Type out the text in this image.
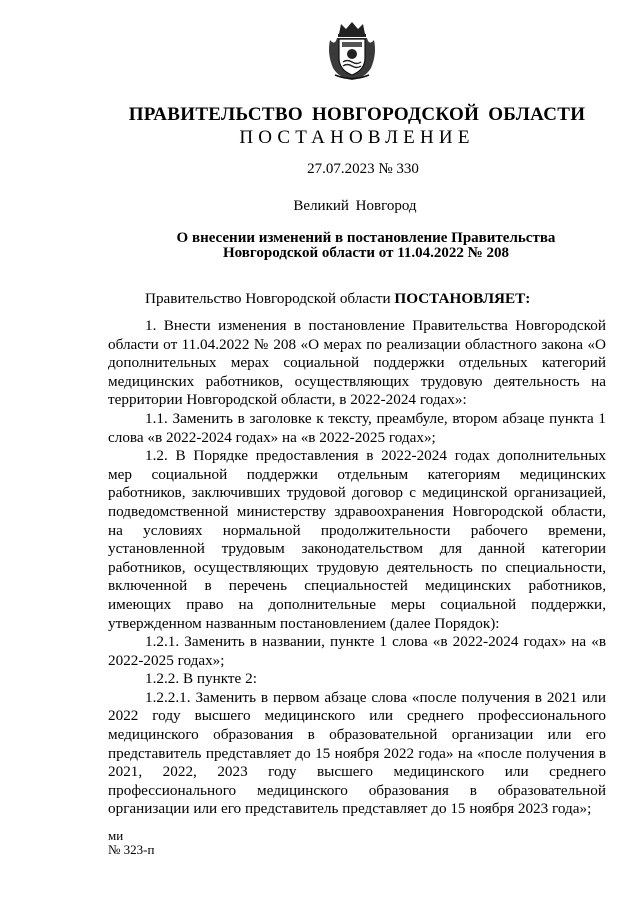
ПРАВИТЕЛЬСТВО НОВГОРОДСКОЙ ОБЛАСТИ
ПОСТАНОВЛЕНИЕ
27.07.2023 № 330
Великий Новгород
О внесении изменений в постановление Правительства
Новгородской области от 11.04.2022 № 208
Правительство Новгородской области ПОСТАНОВЛЯЕТ:

1. Внести изменения в постановление Правительства Новгородской области от 11.04.2022 № 208 «О мерах по реализации областного закона «О дополнительных мерах социальной поддержки отдельных категорий медицинских работников, осуществляющих трудовую деятельность на территории Новгородской области, в 2022-2024 годах»:

1.1. Заменить в заголовке к тексту, преамбуле, втором абзаце пункта 1 слова «в 2022-2024 годах» на «в 2022-2025 годах»;

1.2. В Порядке предоставления в 2022-2024 годах дополнительных мер социальной поддержки отдельным категориям медицинских работников, заключивших трудовой договор с медицинской организацией, подведомственной министерству здравоохранения Новгородской области, на условиях нормальной продолжительности рабочего времени, установленной трудовым законодательством для данной категории работников, осуществляющих трудовую деятельность по специальности, включенной в перечень специальностей медицинских работников, имеющих право на дополнительные меры социальной поддержки, утвержденном названным постановлением (далее Порядок):

1.2.1. Заменить в названии, пункте 1 слова «в 2022-2024 годах» на «в 2022-2025 годах»;

1.2.2. В пункте 2:

1.2.2.1. Заменить в первом абзаце слова «после получения в 2021 или 2022 году высшего медицинского или среднего профессионального медицинского образования в образовательной организации или его представитель представляет до 15 ноября 2022 года» на «после получения в 2021, 2022, 2023 году высшего медицинского или среднего профессионального медицинского образования в образовательной организации или его представитель представляет до 15 ноября 2023 года»;

ми
№ 323-п
